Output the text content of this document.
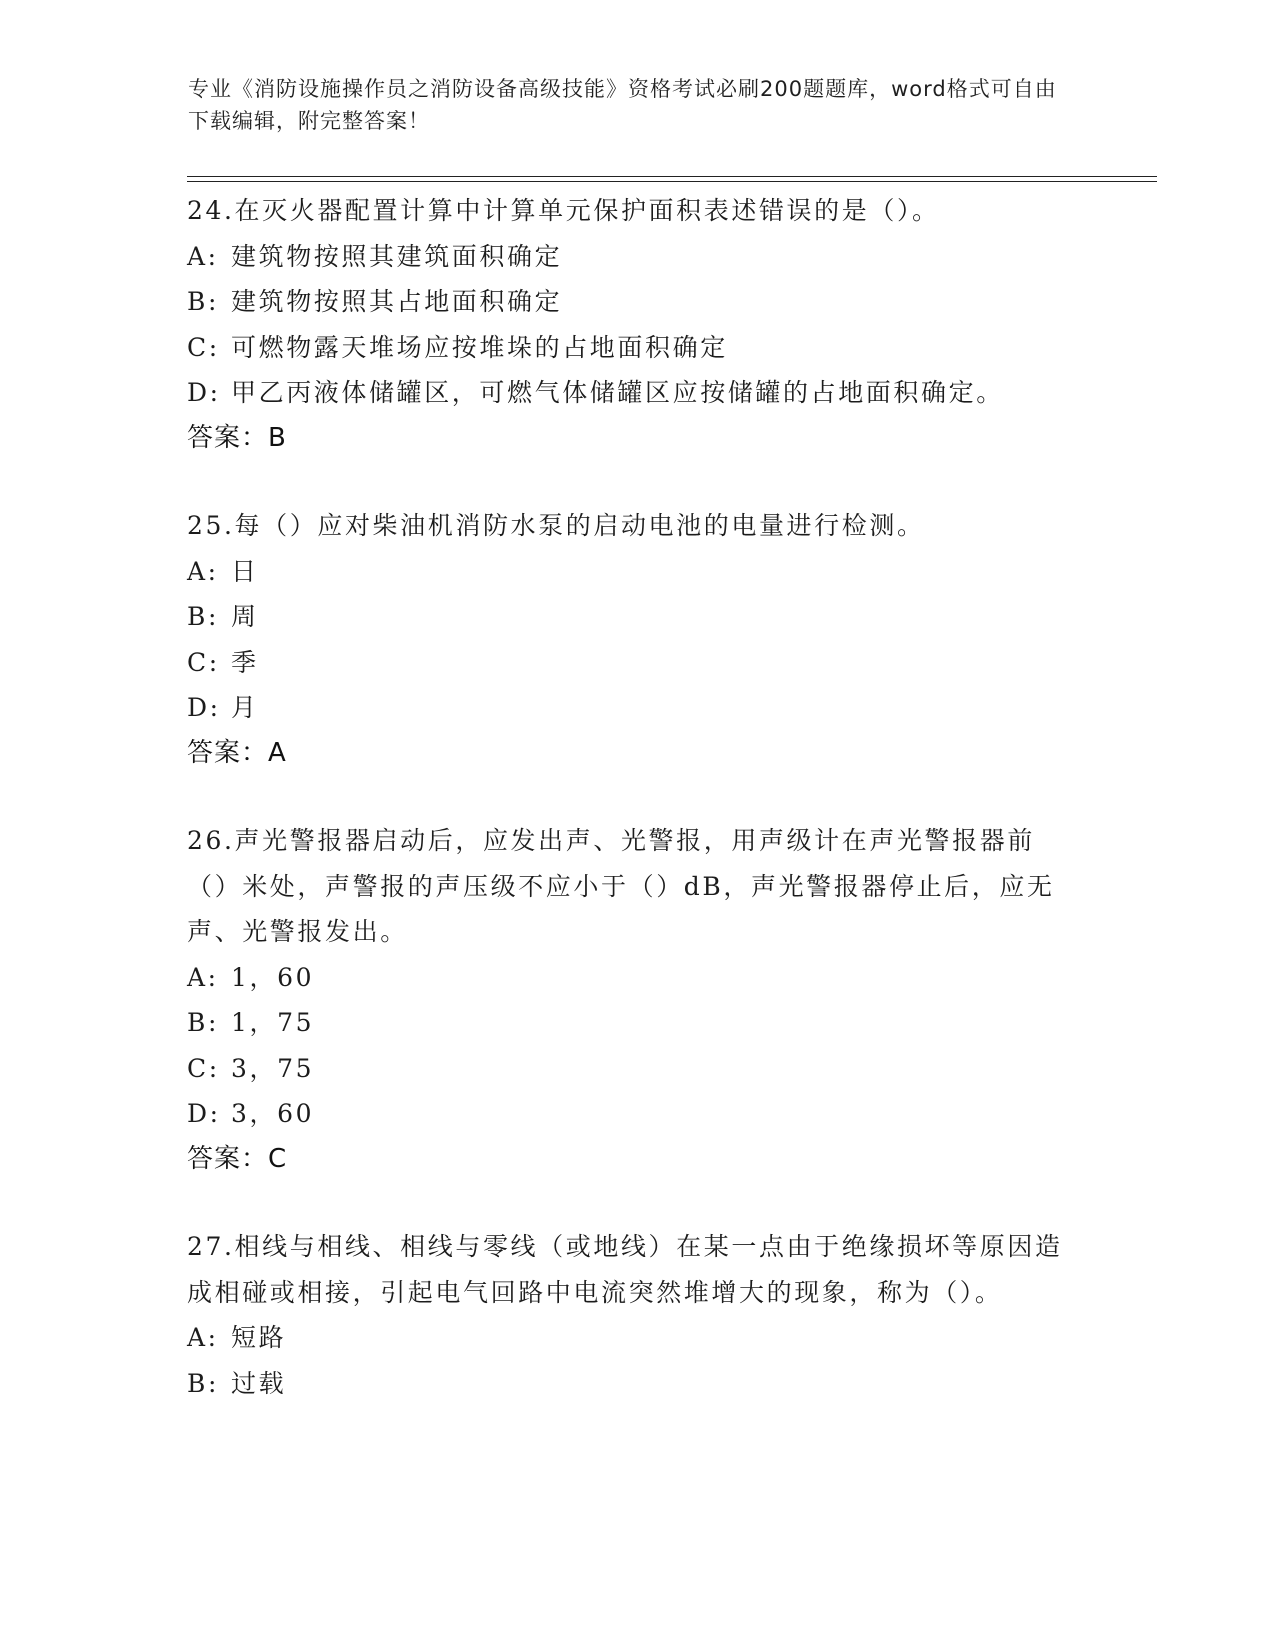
专业《消防设施操作员之消防设备高级技能》资格考试必刷200题题库，word格式可自由下载编辑，附完整答案！

24.在灭火器配置计算中计算单元保护面积表述错误的是（）。

A: 建筑物按照其建筑面积确定

B: 建筑物按照其占地面积确定

C: 可燃物露天堆场应按堆垛的占地面积确定

D: 甲乙丙液体储罐区，可燃气体储罐区应按储罐的占地面积确定。

答案：B

25.每（）应对柴油机消防水泵的启动电池的电量进行检测。

A: 日

B: 周

C: 季

D: 月

答案：A

26.声光警报器启动后，应发出声、光警报，用声级计在声光警报器前（）米处，声警报的声压级不应小于（）dB，声光警报器停止后，应无声、光警报发出。

A: 1，60

B: 1，75

C: 3，75

D: 3，60

答案：C

27.相线与相线、相线与零线（或地线）在某一点由于绝缘损坏等原因造成相碰或相接，引起电气回路中电流突然堆增大的现象，称为（）。

A: 短路

B: 过载
